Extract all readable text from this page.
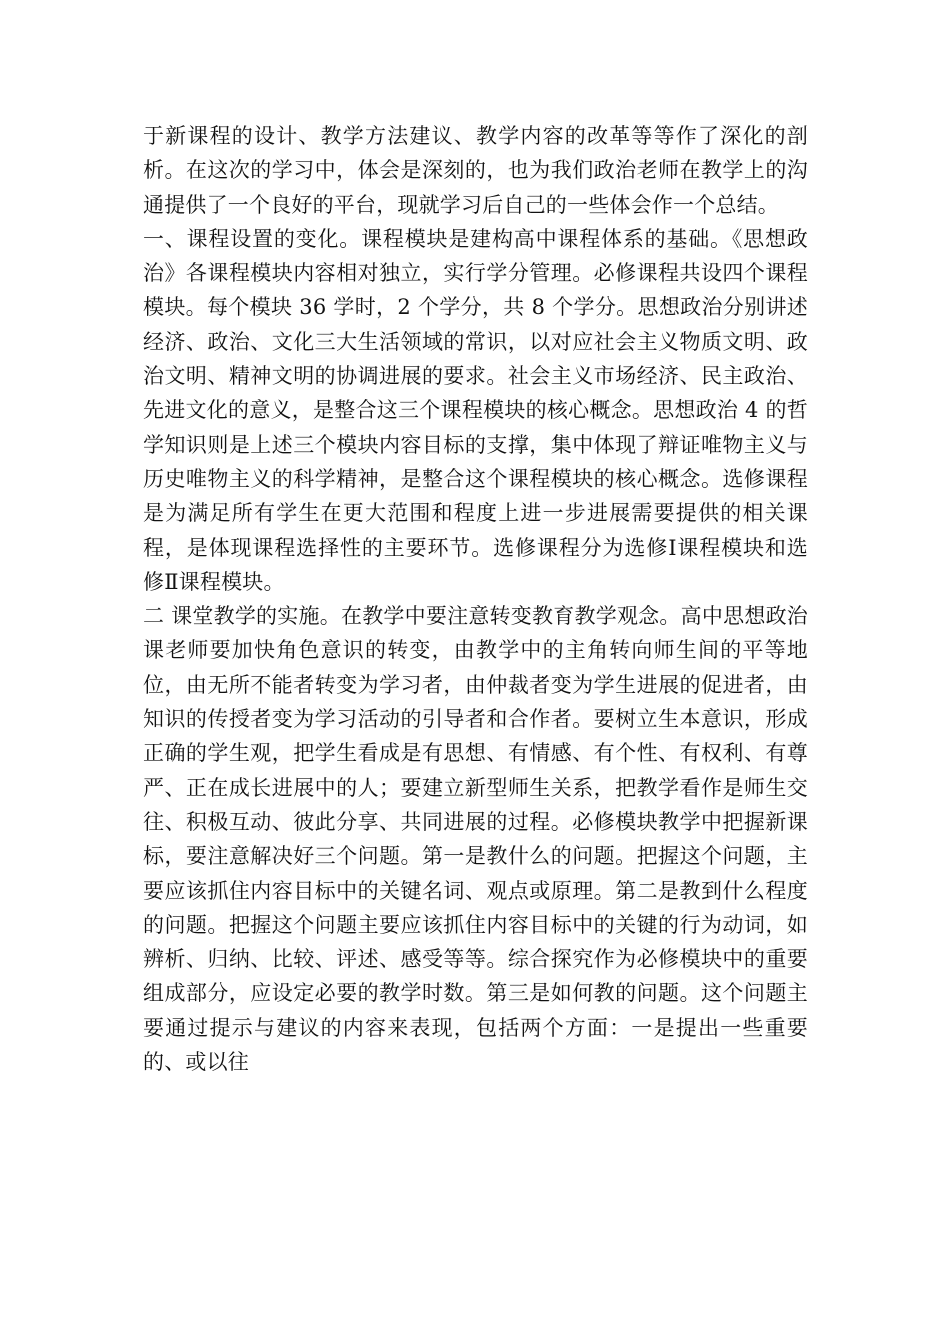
于新课程的设计、教学方法建议、教学内容的改革等等作了深化的剖析。在这次的学习中，体会是深刻的，也为我们政治老师在教学上的沟通提供了一个良好的平台，现就学习后自己的一些体会作一个总结。

一、课程设置的变化。课程模块是建构高中课程体系的基础。《思想政治》各课程模块内容相对独立，实行学分管理。必修课程共设四个课程模块。每个模块 36 学时，2 个学分，共 8 个学分。思想政治分别讲述经济、政治、文化三大生活领域的常识，以对应社会主义物质文明、政治文明、精神文明的协调进展的要求。社会主义市场经济、民主政治、先进文化的意义，是整合这三个课程模块的核心概念。思想政治 4 的哲学知识则是上述三个模块内容目标的支撑，集中体现了辩证唯物主义与历史唯物主义的科学精神，是整合这个课程模块的核心概念。选修课程是为满足所有学生在更大范围和程度上进一步进展需要提供的相关课程，是体现课程选择性的主要环节。选修课程分为选修Ⅰ课程模块和选修Ⅱ课程模块。

二 课堂教学的实施。在教学中要注意转变教育教学观念。高中思想政治课老师要加快角色意识的转变，由教学中的主角转向师生间的平等地位，由无所不能者转变为学习者，由仲裁者变为学生进展的促进者，由知识的传授者变为学习活动的引导者和合作者。要树立生本意识，形成正确的学生观，把学生看成是有思想、有情感、有个性、有权利、有尊严、正在成长进展中的人；要建立新型师生关系，把教学看作是师生交往、积极互动、彼此分享、共同进展的过程。必修模块教学中把握新课标，要注意解决好三个问题。第一是教什么的问题。把握这个问题，主要应该抓住内容目标中的关键名词、观点或原理。第二是教到什么程度的问题。把握这个问题主要应该抓住内容目标中的关键的行为动词，如辨析、归纳、比较、评述、感受等等。综合探究作为必修模块中的重要组成部分，应设定必要的教学时数。第三是如何教的问题。这个问题主要通过提示与建议的内容来表现，包括两个方面：一是提出一些重要的、或以往
